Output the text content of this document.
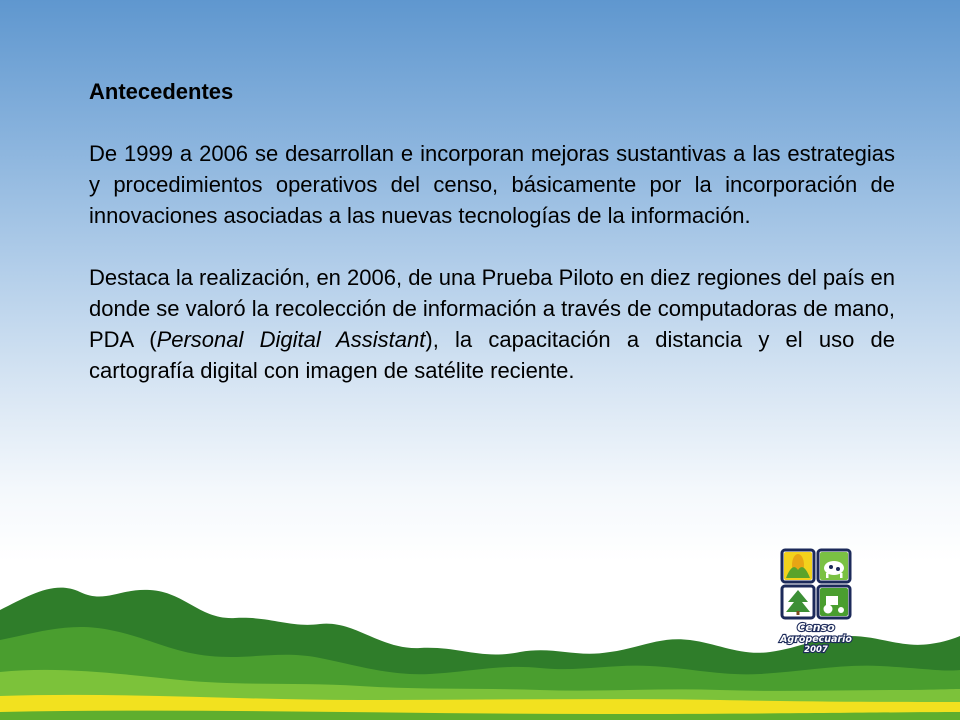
Antecedentes
De 1999 a 2006 se desarrollan e incorporan mejoras sustantivas a las estrategias y procedimientos operativos del censo, básicamente por la incorporación de innovaciones asociadas a las nuevas tecnologías de la información.
Destaca la realización, en 2006, de una Prueba Piloto en diez regiones del país en donde se valoró la recolección de información a través de computadoras de mano, PDA (Personal Digital Assistant), la capacitación a distancia y el uso de cartografía digital con imagen de satélite reciente.
Censo
Agropecuario
2007
